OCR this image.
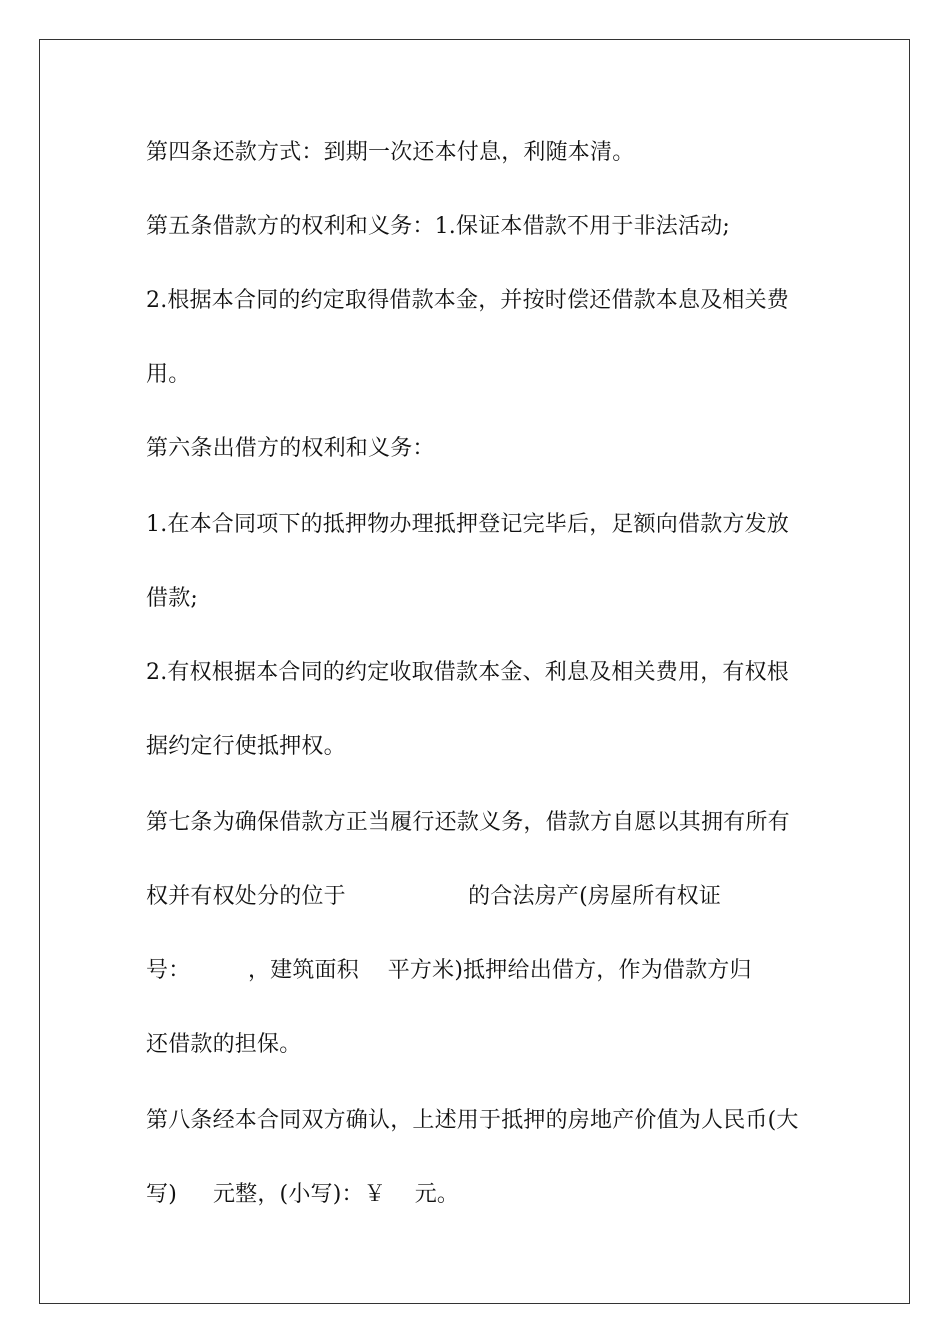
第四条还款方式：到期一次还本付息，利随本清。
第五条借款方的权利和义务：1.保证本借款不用于非法活动;
2.根据本合同的约定取得借款本金，并按时偿还借款本息及相关费
用。
第六条出借方的权利和义务：
1.在本合同项下的抵押物办理抵押登记完毕后，足额向借款方发放
借款;
2.有权根据本合同的约定收取借款本金、利息及相关费用，有权根
据约定行使抵押权。
第七条为确保借款方正当履行还款义务，借款方自愿以其拥有所有
权并有权处分的位于                 的合法房产(房屋所有权证
号：        ，建筑面积    平方米)抵押给出借方，作为借款方归
还借款的担保。
第八条经本合同双方确认，上述用于抵押的房地产价值为人民币(大
写)     元整，(小写)：￥    元。
